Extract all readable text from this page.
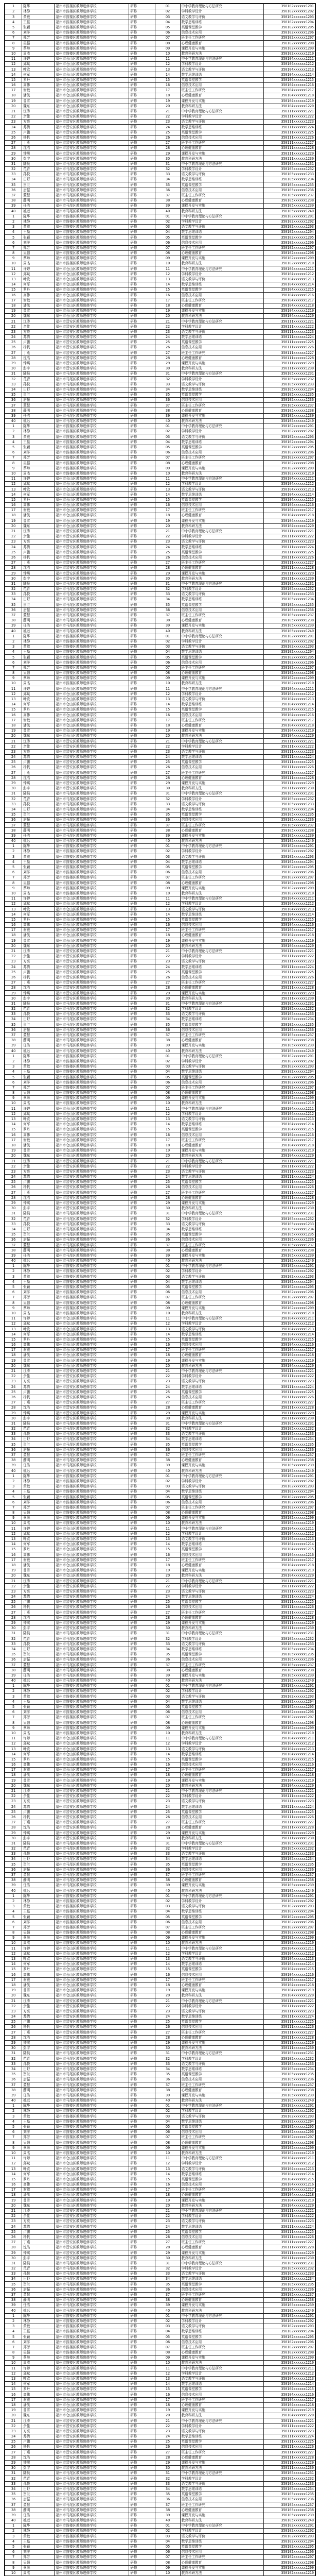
1	陈华	福州市鼓楼区教师进修学校	研修	01	中小学教育理论与方法研究	350102xxxxxx1201
2	林静	福州市鼓楼区教师进修学校	研修	02	学科教学设计	350102xxxxxx1202
3	黄敏	福州市鼓楼区教师进修学校	研修	03	语文教学与评价	350102xxxxxx1203
4	王磊	福州市鼓楼区教师进修学校	研修	04	数学思维训练	350102xxxxxx1204
5	张颖	福州市鼓楼区教师进修学校	研修	05	英语课堂教学	350102xxxxxx1205
6	刘洋	福州市鼓楼区教师进修学校	研修	06	信息技术应用	350102xxxxxx1206
7	郑芳	福州市鼓楼区教师进修学校	研修	07	班主任工作研究	350102xxxxxx1207
8	吴强	福州市鼓楼区教师进修学校	研修	08	心理健康教育	350102xxxxxx1208
9	蔡琳	福州市鼓楼区教师进修学校	研修	09	课程开发与实施	350102xxxxxx1209
10	周杰	福州市鼓楼区教师进修学校	研修	10	教育科研方法	350102xxxxxx1210
11	许婷	福州市仓山区教师进修学校	研修	11	中小学教育理论与方法研究	350104xxxxxx1211
12	邱斌	福州市仓山区教师进修学校	研修	12	学科教学设计	350104xxxxxx1212
13	叶欣	福州市仓山区教师进修学校	研修	13	语文教学与评价	350104xxxxxx1213
14	何军	福州市仓山区教师进修学校	研修	14	数学思维训练	350104xxxxxx1214
15	罗丹	福州市仓山区教师进修学校	研修	15	英语课堂教学	350104xxxxxx1215
16	高伟	福州市仓山区教师进修学校	研修	16	信息技术应用	350104xxxxxx1216
17	谢敏	福州市仓山区教师进修学校	研修	17	班主任工作研究	350104xxxxxx1217
18	潘凯	福州市仓山区教师进修学校	研修	18	心理健康教育	350104xxxxxx1218
19	曾雪	福州市仓山区教师进修学校	研修	19	课程开发与实施	350104xxxxxx1219
20	魏东	福州市仓山区教师进修学校	研修	20	教育科研方法	350104xxxxxx1220
21	江涛	福州市晋安区教师进修学校	研修	21	中小学教育理论与方法研究	350111xxxxxx1221
22	余佳	福州市晋安区教师进修学校	研修	22	学科教学设计	350111xxxxxx1222
23	方亮	福州市晋安区教师进修学校	研修	23	语文教学与评价	350111xxxxxx1223
24	苏倩	福州市晋安区教师进修学校	研修	24	数学思维训练	350111xxxxxx1224
25	卢鹏	福州市晋安区教师进修学校	研修	25	英语课堂教学	350111xxxxxx1225
26	杨帆	福州市晋安区教师进修学校	研修	26	信息技术应用	350111xxxxxx1226
27	丁燕	福州市晋安区教师进修学校	研修	27	班主任工作研究	350111xxxxxx1227
28	沈浩	福州市晋安区教师进修学校	研修	28	心理健康教育	350111xxxxxx1228
29	钟琪	福州市晋安区教师进修学校	研修	29	课程开发与实施	350111xxxxxx1229
30	彭宇	福州市晋安区教师进修学校	研修	30	教育科研方法	350111xxxxxx1230
31	陆晨	福州市马尾区教师进修学校	研修	31	中小学教育理论与方法研究	350105xxxxxx1231
32	范青	福州市马尾区教师进修学校	研修	32	学科教学设计	350105xxxxxx1232
33	孙悦	福州市马尾区教师进修学校	研修	33	语文教学与评价	350105xxxxxx1233
34	田野	福州市马尾区教师进修学校	研修	34	数学思维训练	350105xxxxxx1234
35	贺兰	福州市马尾区教师进修学校	研修	35	英语课堂教学	350105xxxxxx1235
36	唐振	福州市马尾区教师进修学校	研修	36	信息技术应用	350105xxxxxx1236
37	董慧	福州市马尾区教师进修学校	研修	37	班主任工作研究	350105xxxxxx1237
38	薛明	福州市马尾区教师进修学校	研修	38	心理健康教育	350105xxxxxx1238
39	任洁	福州市马尾区教师进修学校	研修	39	课程开发与实施	350105xxxxxx1239
40	姚远	福州市马尾区教师进修学校	研修	40	教育科研方法	350105xxxxxx1240
1	陈华	福州市鼓楼区教师进修学校	研修	01	中小学教育理论与方法研究	350102xxxxxx1201
2	林静	福州市鼓楼区教师进修学校	研修	02	学科教学设计	350102xxxxxx1202
3	黄敏	福州市鼓楼区教师进修学校	研修	03	语文教学与评价	350102xxxxxx1203
4	王磊	福州市鼓楼区教师进修学校	研修	04	数学思维训练	350102xxxxxx1204
5	张颖	福州市鼓楼区教师进修学校	研修	05	英语课堂教学	350102xxxxxx1205
6	刘洋	福州市鼓楼区教师进修学校	研修	06	信息技术应用	350102xxxxxx1206
7	郑芳	福州市鼓楼区教师进修学校	研修	07	班主任工作研究	350102xxxxxx1207
8	吴强	福州市鼓楼区教师进修学校	研修	08	心理健康教育	350102xxxxxx1208
9	蔡琳	福州市鼓楼区教师进修学校	研修	09	课程开发与实施	350102xxxxxx1209
10	周杰	福州市鼓楼区教师进修学校	研修	10	教育科研方法	350102xxxxxx1210
11	许婷	福州市仓山区教师进修学校	研修	11	中小学教育理论与方法研究	350104xxxxxx1211
12	邱斌	福州市仓山区教师进修学校	研修	12	学科教学设计	350104xxxxxx1212
13	叶欣	福州市仓山区教师进修学校	研修	13	语文教学与评价	350104xxxxxx1213
14	何军	福州市仓山区教师进修学校	研修	14	数学思维训练	350104xxxxxx1214
15	罗丹	福州市仓山区教师进修学校	研修	15	英语课堂教学	350104xxxxxx1215
16	高伟	福州市仓山区教师进修学校	研修	16	信息技术应用	350104xxxxxx1216
17	谢敏	福州市仓山区教师进修学校	研修	17	班主任工作研究	350104xxxxxx1217
18	潘凯	福州市仓山区教师进修学校	研修	18	心理健康教育	350104xxxxxx1218
19	曾雪	福州市仓山区教师进修学校	研修	19	课程开发与实施	350104xxxxxx1219
20	魏东	福州市仓山区教师进修学校	研修	20	教育科研方法	350104xxxxxx1220
21	江涛	福州市晋安区教师进修学校	研修	21	中小学教育理论与方法研究	350111xxxxxx1221
22	余佳	福州市晋安区教师进修学校	研修	22	学科教学设计	350111xxxxxx1222
23	方亮	福州市晋安区教师进修学校	研修	23	语文教学与评价	350111xxxxxx1223
24	苏倩	福州市晋安区教师进修学校	研修	24	数学思维训练	350111xxxxxx1224
25	卢鹏	福州市晋安区教师进修学校	研修	25	英语课堂教学	350111xxxxxx1225
26	杨帆	福州市晋安区教师进修学校	研修	26	信息技术应用	350111xxxxxx1226
27	丁燕	福州市晋安区教师进修学校	研修	27	班主任工作研究	350111xxxxxx1227
28	沈浩	福州市晋安区教师进修学校	研修	28	心理健康教育	350111xxxxxx1228
29	钟琪	福州市晋安区教师进修学校	研修	29	课程开发与实施	350111xxxxxx1229
30	彭宇	福州市晋安区教师进修学校	研修	30	教育科研方法	350111xxxxxx1230
31	陆晨	福州市马尾区教师进修学校	研修	31	中小学教育理论与方法研究	350105xxxxxx1231
32	范青	福州市马尾区教师进修学校	研修	32	学科教学设计	350105xxxxxx1232
33	孙悦	福州市马尾区教师进修学校	研修	33	语文教学与评价	350105xxxxxx1233
34	田野	福州市马尾区教师进修学校	研修	34	数学思维训练	350105xxxxxx1234
35	贺兰	福州市马尾区教师进修学校	研修	35	英语课堂教学	350105xxxxxx1235
36	唐振	福州市马尾区教师进修学校	研修	36	信息技术应用	350105xxxxxx1236
37	董慧	福州市马尾区教师进修学校	研修	37	班主任工作研究	350105xxxxxx1237
38	薛明	福州市马尾区教师进修学校	研修	38	心理健康教育	350105xxxxxx1238
39	任洁	福州市马尾区教师进修学校	研修	39	课程开发与实施	350105xxxxxx1239
40	姚远	福州市马尾区教师进修学校	研修	40	教育科研方法	350105xxxxxx1240
1	陈华	福州市鼓楼区教师进修学校	研修	01	中小学教育理论与方法研究	350102xxxxxx1201
2	林静	福州市鼓楼区教师进修学校	研修	02	学科教学设计	350102xxxxxx1202
3	黄敏	福州市鼓楼区教师进修学校	研修	03	语文教学与评价	350102xxxxxx1203
4	王磊	福州市鼓楼区教师进修学校	研修	04	数学思维训练	350102xxxxxx1204
5	张颖	福州市鼓楼区教师进修学校	研修	05	英语课堂教学	350102xxxxxx1205
6	刘洋	福州市鼓楼区教师进修学校	研修	06	信息技术应用	350102xxxxxx1206
7	郑芳	福州市鼓楼区教师进修学校	研修	07	班主任工作研究	350102xxxxxx1207
8	吴强	福州市鼓楼区教师进修学校	研修	08	心理健康教育	350102xxxxxx1208
9	蔡琳	福州市鼓楼区教师进修学校	研修	09	课程开发与实施	350102xxxxxx1209
10	周杰	福州市鼓楼区教师进修学校	研修	10	教育科研方法	350102xxxxxx1210
11	许婷	福州市仓山区教师进修学校	研修	11	中小学教育理论与方法研究	350104xxxxxx1211
12	邱斌	福州市仓山区教师进修学校	研修	12	学科教学设计	350104xxxxxx1212
13	叶欣	福州市仓山区教师进修学校	研修	13	语文教学与评价	350104xxxxxx1213
14	何军	福州市仓山区教师进修学校	研修	14	数学思维训练	350104xxxxxx1214
15	罗丹	福州市仓山区教师进修学校	研修	15	英语课堂教学	350104xxxxxx1215
16	高伟	福州市仓山区教师进修学校	研修	16	信息技术应用	350104xxxxxx1216
17	谢敏	福州市仓山区教师进修学校	研修	17	班主任工作研究	350104xxxxxx1217
18	潘凯	福州市仓山区教师进修学校	研修	18	心理健康教育	350104xxxxxx1218
19	曾雪	福州市仓山区教师进修学校	研修	19	课程开发与实施	350104xxxxxx1219
20	魏东	福州市仓山区教师进修学校	研修	20	教育科研方法	350104xxxxxx1220
21	江涛	福州市晋安区教师进修学校	研修	21	中小学教育理论与方法研究	350111xxxxxx1221
22	余佳	福州市晋安区教师进修学校	研修	22	学科教学设计	350111xxxxxx1222
23	方亮	福州市晋安区教师进修学校	研修	23	语文教学与评价	350111xxxxxx1223
24	苏倩	福州市晋安区教师进修学校	研修	24	数学思维训练	350111xxxxxx1224
25	卢鹏	福州市晋安区教师进修学校	研修	25	英语课堂教学	350111xxxxxx1225
26	杨帆	福州市晋安区教师进修学校	研修	26	信息技术应用	350111xxxxxx1226
27	丁燕	福州市晋安区教师进修学校	研修	27	班主任工作研究	350111xxxxxx1227
28	沈浩	福州市晋安区教师进修学校	研修	28	心理健康教育	350111xxxxxx1228
29	钟琪	福州市晋安区教师进修学校	研修	29	课程开发与实施	350111xxxxxx1229
30	彭宇	福州市晋安区教师进修学校	研修	30	教育科研方法	350111xxxxxx1230
31	陆晨	福州市马尾区教师进修学校	研修	31	中小学教育理论与方法研究	350105xxxxxx1231
32	范青	福州市马尾区教师进修学校	研修	32	学科教学设计	350105xxxxxx1232
33	孙悦	福州市马尾区教师进修学校	研修	33	语文教学与评价	350105xxxxxx1233
34	田野	福州市马尾区教师进修学校	研修	34	数学思维训练	350105xxxxxx1234
35	贺兰	福州市马尾区教师进修学校	研修	35	英语课堂教学	350105xxxxxx1235
36	唐振	福州市马尾区教师进修学校	研修	36	信息技术应用	350105xxxxxx1236
37	董慧	福州市马尾区教师进修学校	研修	37	班主任工作研究	350105xxxxxx1237
38	薛明	福州市马尾区教师进修学校	研修	38	心理健康教育	350105xxxxxx1238
39	任洁	福州市马尾区教师进修学校	研修	39	课程开发与实施	350105xxxxxx1239
40	姚远	福州市马尾区教师进修学校	研修	40	教育科研方法	350105xxxxxx1240
1	陈华	福州市鼓楼区教师进修学校	研修	01	中小学教育理论与方法研究	350102xxxxxx1201
2	林静	福州市鼓楼区教师进修学校	研修	02	学科教学设计	350102xxxxxx1202
3	黄敏	福州市鼓楼区教师进修学校	研修	03	语文教学与评价	350102xxxxxx1203
4	王磊	福州市鼓楼区教师进修学校	研修	04	数学思维训练	350102xxxxxx1204
5	张颖	福州市鼓楼区教师进修学校	研修	05	英语课堂教学	350102xxxxxx1205
6	刘洋	福州市鼓楼区教师进修学校	研修	06	信息技术应用	350102xxxxxx1206
7	郑芳	福州市鼓楼区教师进修学校	研修	07	班主任工作研究	350102xxxxxx1207
8	吴强	福州市鼓楼区教师进修学校	研修	08	心理健康教育	350102xxxxxx1208
9	蔡琳	福州市鼓楼区教师进修学校	研修	09	课程开发与实施	350102xxxxxx1209
10	周杰	福州市鼓楼区教师进修学校	研修	10	教育科研方法	350102xxxxxx1210
11	许婷	福州市仓山区教师进修学校	研修	11	中小学教育理论与方法研究	350104xxxxxx1211
12	邱斌	福州市仓山区教师进修学校	研修	12	学科教学设计	350104xxxxxx1212
13	叶欣	福州市仓山区教师进修学校	研修	13	语文教学与评价	350104xxxxxx1213
14	何军	福州市仓山区教师进修学校	研修	14	数学思维训练	350104xxxxxx1214
15	罗丹	福州市仓山区教师进修学校	研修	15	英语课堂教学	350104xxxxxx1215
16	高伟	福州市仓山区教师进修学校	研修	16	信息技术应用	350104xxxxxx1216
17	谢敏	福州市仓山区教师进修学校	研修	17	班主任工作研究	350104xxxxxx1217
18	潘凯	福州市仓山区教师进修学校	研修	18	心理健康教育	350104xxxxxx1218
19	曾雪	福州市仓山区教师进修学校	研修	19	课程开发与实施	350104xxxxxx1219
20	魏东	福州市仓山区教师进修学校	研修	20	教育科研方法	350104xxxxxx1220
21	江涛	福州市晋安区教师进修学校	研修	21	中小学教育理论与方法研究	350111xxxxxx1221
22	余佳	福州市晋安区教师进修学校	研修	22	学科教学设计	350111xxxxxx1222
23	方亮	福州市晋安区教师进修学校	研修	23	语文教学与评价	350111xxxxxx1223
24	苏倩	福州市晋安区教师进修学校	研修	24	数学思维训练	350111xxxxxx1224
25	卢鹏	福州市晋安区教师进修学校	研修	25	英语课堂教学	350111xxxxxx1225
26	杨帆	福州市晋安区教师进修学校	研修	26	信息技术应用	350111xxxxxx1226
27	丁燕	福州市晋安区教师进修学校	研修	27	班主任工作研究	350111xxxxxx1227
28	沈浩	福州市晋安区教师进修学校	研修	28	心理健康教育	350111xxxxxx1228
29	钟琪	福州市晋安区教师进修学校	研修	29	课程开发与实施	350111xxxxxx1229
30	彭宇	福州市晋安区教师进修学校	研修	30	教育科研方法	350111xxxxxx1230
31	陆晨	福州市马尾区教师进修学校	研修	31	中小学教育理论与方法研究	350105xxxxxx1231
32	范青	福州市马尾区教师进修学校	研修	32	学科教学设计	350105xxxxxx1232
33	孙悦	福州市马尾区教师进修学校	研修	33	语文教学与评价	350105xxxxxx1233
34	田野	福州市马尾区教师进修学校	研修	34	数学思维训练	350105xxxxxx1234
35	贺兰	福州市马尾区教师进修学校	研修	35	英语课堂教学	350105xxxxxx1235
36	唐振	福州市马尾区教师进修学校	研修	36	信息技术应用	350105xxxxxx1236
37	董慧	福州市马尾区教师进修学校	研修	37	班主任工作研究	350105xxxxxx1237
38	薛明	福州市马尾区教师进修学校	研修	38	心理健康教育	350105xxxxxx1238
39	任洁	福州市马尾区教师进修学校	研修	39	课程开发与实施	350105xxxxxx1239
40	姚远	福州市马尾区教师进修学校	研修	40	教育科研方法	350105xxxxxx1240
1	陈华	福州市鼓楼区教师进修学校	研修	01	中小学教育理论与方法研究	350102xxxxxx1201
2	林静	福州市鼓楼区教师进修学校	研修	02	学科教学设计	350102xxxxxx1202
3	黄敏	福州市鼓楼区教师进修学校	研修	03	语文教学与评价	350102xxxxxx1203
4	王磊	福州市鼓楼区教师进修学校	研修	04	数学思维训练	350102xxxxxx1204
5	张颖	福州市鼓楼区教师进修学校	研修	05	英语课堂教学	350102xxxxxx1205
6	刘洋	福州市鼓楼区教师进修学校	研修	06	信息技术应用	350102xxxxxx1206
7	郑芳	福州市鼓楼区教师进修学校	研修	07	班主任工作研究	350102xxxxxx1207
8	吴强	福州市鼓楼区教师进修学校	研修	08	心理健康教育	350102xxxxxx1208
9	蔡琳	福州市鼓楼区教师进修学校	研修	09	课程开发与实施	350102xxxxxx1209
10	周杰	福州市鼓楼区教师进修学校	研修	10	教育科研方法	350102xxxxxx1210
11	许婷	福州市仓山区教师进修学校	研修	11	中小学教育理论与方法研究	350104xxxxxx1211
12	邱斌	福州市仓山区教师进修学校	研修	12	学科教学设计	350104xxxxxx1212
13	叶欣	福州市仓山区教师进修学校	研修	13	语文教学与评价	350104xxxxxx1213
14	何军	福州市仓山区教师进修学校	研修	14	数学思维训练	350104xxxxxx1214
15	罗丹	福州市仓山区教师进修学校	研修	15	英语课堂教学	350104xxxxxx1215
16	高伟	福州市仓山区教师进修学校	研修	16	信息技术应用	350104xxxxxx1216
17	谢敏	福州市仓山区教师进修学校	研修	17	班主任工作研究	350104xxxxxx1217
18	潘凯	福州市仓山区教师进修学校	研修	18	心理健康教育	350104xxxxxx1218
19	曾雪	福州市仓山区教师进修学校	研修	19	课程开发与实施	350104xxxxxx1219
20	魏东	福州市仓山区教师进修学校	研修	20	教育科研方法	350104xxxxxx1220
21	江涛	福州市晋安区教师进修学校	研修	21	中小学教育理论与方法研究	350111xxxxxx1221
22	余佳	福州市晋安区教师进修学校	研修	22	学科教学设计	350111xxxxxx1222
23	方亮	福州市晋安区教师进修学校	研修	23	语文教学与评价	350111xxxxxx1223
24	苏倩	福州市晋安区教师进修学校	研修	24	数学思维训练	350111xxxxxx1224
25	卢鹏	福州市晋安区教师进修学校	研修	25	英语课堂教学	350111xxxxxx1225
26	杨帆	福州市晋安区教师进修学校	研修	26	信息技术应用	350111xxxxxx1226
27	丁燕	福州市晋安区教师进修学校	研修	27	班主任工作研究	350111xxxxxx1227
28	沈浩	福州市晋安区教师进修学校	研修	28	心理健康教育	350111xxxxxx1228
29	钟琪	福州市晋安区教师进修学校	研修	29	课程开发与实施	350111xxxxxx1229
30	彭宇	福州市晋安区教师进修学校	研修	30	教育科研方法	350111xxxxxx1230
31	陆晨	福州市马尾区教师进修学校	研修	31	中小学教育理论与方法研究	350105xxxxxx1231
32	范青	福州市马尾区教师进修学校	研修	32	学科教学设计	350105xxxxxx1232
33	孙悦	福州市马尾区教师进修学校	研修	33	语文教学与评价	350105xxxxxx1233
34	田野	福州市马尾区教师进修学校	研修	34	数学思维训练	350105xxxxxx1234
35	贺兰	福州市马尾区教师进修学校	研修	35	英语课堂教学	350105xxxxxx1235
36	唐振	福州市马尾区教师进修学校	研修	36	信息技术应用	350105xxxxxx1236
37	董慧	福州市马尾区教师进修学校	研修	37	班主任工作研究	350105xxxxxx1237
38	薛明	福州市马尾区教师进修学校	研修	38	心理健康教育	350105xxxxxx1238
39	任洁	福州市马尾区教师进修学校	研修	39	课程开发与实施	350105xxxxxx1239
40	姚远	福州市马尾区教师进修学校	研修	40	教育科研方法	350105xxxxxx1240
1	陈华	福州市鼓楼区教师进修学校	研修	01	中小学教育理论与方法研究	350102xxxxxx1201
2	林静	福州市鼓楼区教师进修学校	研修	02	学科教学设计	350102xxxxxx1202
3	黄敏	福州市鼓楼区教师进修学校	研修	03	语文教学与评价	350102xxxxxx1203
4	王磊	福州市鼓楼区教师进修学校	研修	04	数学思维训练	350102xxxxxx1204
5	张颖	福州市鼓楼区教师进修学校	研修	05	英语课堂教学	350102xxxxxx1205
6	刘洋	福州市鼓楼区教师进修学校	研修	06	信息技术应用	350102xxxxxx1206
7	郑芳	福州市鼓楼区教师进修学校	研修	07	班主任工作研究	350102xxxxxx1207
8	吴强	福州市鼓楼区教师进修学校	研修	08	心理健康教育	350102xxxxxx1208
9	蔡琳	福州市鼓楼区教师进修学校	研修	09	课程开发与实施	350102xxxxxx1209
10	周杰	福州市鼓楼区教师进修学校	研修	10	教育科研方法	350102xxxxxx1210
11	许婷	福州市仓山区教师进修学校	研修	11	中小学教育理论与方法研究	350104xxxxxx1211
12	邱斌	福州市仓山区教师进修学校	研修	12	学科教学设计	350104xxxxxx1212
13	叶欣	福州市仓山区教师进修学校	研修	13	语文教学与评价	350104xxxxxx1213
14	何军	福州市仓山区教师进修学校	研修	14	数学思维训练	350104xxxxxx1214
15	罗丹	福州市仓山区教师进修学校	研修	15	英语课堂教学	350104xxxxxx1215
16	高伟	福州市仓山区教师进修学校	研修	16	信息技术应用	350104xxxxxx1216
17	谢敏	福州市仓山区教师进修学校	研修	17	班主任工作研究	350104xxxxxx1217
18	潘凯	福州市仓山区教师进修学校	研修	18	心理健康教育	350104xxxxxx1218
19	曾雪	福州市仓山区教师进修学校	研修	19	课程开发与实施	350104xxxxxx1219
20	魏东	福州市仓山区教师进修学校	研修	20	教育科研方法	350104xxxxxx1220
21	江涛	福州市晋安区教师进修学校	研修	21	中小学教育理论与方法研究	350111xxxxxx1221
22	余佳	福州市晋安区教师进修学校	研修	22	学科教学设计	350111xxxxxx1222
23	方亮	福州市晋安区教师进修学校	研修	23	语文教学与评价	350111xxxxxx1223
24	苏倩	福州市晋安区教师进修学校	研修	24	数学思维训练	350111xxxxxx1224
25	卢鹏	福州市晋安区教师进修学校	研修	25	英语课堂教学	350111xxxxxx1225
26	杨帆	福州市晋安区教师进修学校	研修	26	信息技术应用	350111xxxxxx1226
27	丁燕	福州市晋安区教师进修学校	研修	27	班主任工作研究	350111xxxxxx1227
28	沈浩	福州市晋安区教师进修学校	研修	28	心理健康教育	350111xxxxxx1228
29	钟琪	福州市晋安区教师进修学校	研修	29	课程开发与实施	350111xxxxxx1229
30	彭宇	福州市晋安区教师进修学校	研修	30	教育科研方法	350111xxxxxx1230
31	陆晨	福州市马尾区教师进修学校	研修	31	中小学教育理论与方法研究	350105xxxxxx1231
32	范青	福州市马尾区教师进修学校	研修	32	学科教学设计	350105xxxxxx1232
33	孙悦	福州市马尾区教师进修学校	研修	33	语文教学与评价	350105xxxxxx1233
34	田野	福州市马尾区教师进修学校	研修	34	数学思维训练	350105xxxxxx1234
35	贺兰	福州市马尾区教师进修学校	研修	35	英语课堂教学	350105xxxxxx1235
36	唐振	福州市马尾区教师进修学校	研修	36	信息技术应用	350105xxxxxx1236
37	董慧	福州市马尾区教师进修学校	研修	37	班主任工作研究	350105xxxxxx1237
38	薛明	福州市马尾区教师进修学校	研修	38	心理健康教育	350105xxxxxx1238
39	任洁	福州市马尾区教师进修学校	研修	39	课程开发与实施	350105xxxxxx1239
40	姚远	福州市马尾区教师进修学校	研修	40	教育科研方法	350105xxxxxx1240
1	陈华	福州市鼓楼区教师进修学校	研修	01	中小学教育理论与方法研究	350102xxxxxx1201
2	林静	福州市鼓楼区教师进修学校	研修	02	学科教学设计	350102xxxxxx1202
3	黄敏	福州市鼓楼区教师进修学校	研修	03	语文教学与评价	350102xxxxxx1203
4	王磊	福州市鼓楼区教师进修学校	研修	04	数学思维训练	350102xxxxxx1204
5	张颖	福州市鼓楼区教师进修学校	研修	05	英语课堂教学	350102xxxxxx1205
6	刘洋	福州市鼓楼区教师进修学校	研修	06	信息技术应用	350102xxxxxx1206
7	郑芳	福州市鼓楼区教师进修学校	研修	07	班主任工作研究	350102xxxxxx1207
8	吴强	福州市鼓楼区教师进修学校	研修	08	心理健康教育	350102xxxxxx1208
9	蔡琳	福州市鼓楼区教师进修学校	研修	09	课程开发与实施	350102xxxxxx1209
10	周杰	福州市鼓楼区教师进修学校	研修	10	教育科研方法	350102xxxxxx1210
11	许婷	福州市仓山区教师进修学校	研修	11	中小学教育理论与方法研究	350104xxxxxx1211
12	邱斌	福州市仓山区教师进修学校	研修	12	学科教学设计	350104xxxxxx1212
13	叶欣	福州市仓山区教师进修学校	研修	13	语文教学与评价	350104xxxxxx1213
14	何军	福州市仓山区教师进修学校	研修	14	数学思维训练	350104xxxxxx1214
15	罗丹	福州市仓山区教师进修学校	研修	15	英语课堂教学	350104xxxxxx1215
16	高伟	福州市仓山区教师进修学校	研修	16	信息技术应用	350104xxxxxx1216
17	谢敏	福州市仓山区教师进修学校	研修	17	班主任工作研究	350104xxxxxx1217
18	潘凯	福州市仓山区教师进修学校	研修	18	心理健康教育	350104xxxxxx1218
19	曾雪	福州市仓山区教师进修学校	研修	19	课程开发与实施	350104xxxxxx1219
20	魏东	福州市仓山区教师进修学校	研修	20	教育科研方法	350104xxxxxx1220
21	江涛	福州市晋安区教师进修学校	研修	21	中小学教育理论与方法研究	350111xxxxxx1221
22	余佳	福州市晋安区教师进修学校	研修	22	学科教学设计	350111xxxxxx1222
23	方亮	福州市晋安区教师进修学校	研修	23	语文教学与评价	350111xxxxxx1223
24	苏倩	福州市晋安区教师进修学校	研修	24	数学思维训练	350111xxxxxx1224
25	卢鹏	福州市晋安区教师进修学校	研修	25	英语课堂教学	350111xxxxxx1225
26	杨帆	福州市晋安区教师进修学校	研修	26	信息技术应用	350111xxxxxx1226
27	丁燕	福州市晋安区教师进修学校	研修	27	班主任工作研究	350111xxxxxx1227
28	沈浩	福州市晋安区教师进修学校	研修	28	心理健康教育	350111xxxxxx1228
29	钟琪	福州市晋安区教师进修学校	研修	29	课程开发与实施	350111xxxxxx1229
30	彭宇	福州市晋安区教师进修学校	研修	30	教育科研方法	350111xxxxxx1230
31	陆晨	福州市马尾区教师进修学校	研修	31	中小学教育理论与方法研究	350105xxxxxx1231
32	范青	福州市马尾区教师进修学校	研修	32	学科教学设计	350105xxxxxx1232
33	孙悦	福州市马尾区教师进修学校	研修	33	语文教学与评价	350105xxxxxx1233
34	田野	福州市马尾区教师进修学校	研修	34	数学思维训练	350105xxxxxx1234
35	贺兰	福州市马尾区教师进修学校	研修	35	英语课堂教学	350105xxxxxx1235
36	唐振	福州市马尾区教师进修学校	研修	36	信息技术应用	350105xxxxxx1236
37	董慧	福州市马尾区教师进修学校	研修	37	班主任工作研究	350105xxxxxx1237
38	薛明	福州市马尾区教师进修学校	研修	38	心理健康教育	350105xxxxxx1238
39	任洁	福州市马尾区教师进修学校	研修	39	课程开发与实施	350105xxxxxx1239
40	姚远	福州市马尾区教师进修学校	研修	40	教育科研方法	350105xxxxxx1240
1	陈华	福州市鼓楼区教师进修学校	研修	01	中小学教育理论与方法研究	350102xxxxxx1201
2	林静	福州市鼓楼区教师进修学校	研修	02	学科教学设计	350102xxxxxx1202
3	黄敏	福州市鼓楼区教师进修学校	研修	03	语文教学与评价	350102xxxxxx1203
4	王磊	福州市鼓楼区教师进修学校	研修	04	数学思维训练	350102xxxxxx1204
5	张颖	福州市鼓楼区教师进修学校	研修	05	英语课堂教学	350102xxxxxx1205
6	刘洋	福州市鼓楼区教师进修学校	研修	06	信息技术应用	350102xxxxxx1206
7	郑芳	福州市鼓楼区教师进修学校	研修	07	班主任工作研究	350102xxxxxx1207
8	吴强	福州市鼓楼区教师进修学校	研修	08	心理健康教育	350102xxxxxx1208
9	蔡琳	福州市鼓楼区教师进修学校	研修	09	课程开发与实施	350102xxxxxx1209
10	周杰	福州市鼓楼区教师进修学校	研修	10	教育科研方法	350102xxxxxx1210
11	许婷	福州市仓山区教师进修学校	研修	11	中小学教育理论与方法研究	350104xxxxxx1211
12	邱斌	福州市仓山区教师进修学校	研修	12	学科教学设计	350104xxxxxx1212
13	叶欣	福州市仓山区教师进修学校	研修	13	语文教学与评价	350104xxxxxx1213
14	何军	福州市仓山区教师进修学校	研修	14	数学思维训练	350104xxxxxx1214
15	罗丹	福州市仓山区教师进修学校	研修	15	英语课堂教学	350104xxxxxx1215
16	高伟	福州市仓山区教师进修学校	研修	16	信息技术应用	350104xxxxxx1216
17	谢敏	福州市仓山区教师进修学校	研修	17	班主任工作研究	350104xxxxxx1217
18	潘凯	福州市仓山区教师进修学校	研修	18	心理健康教育	350104xxxxxx1218
19	曾雪	福州市仓山区教师进修学校	研修	19	课程开发与实施	350104xxxxxx1219
20	魏东	福州市仓山区教师进修学校	研修	20	教育科研方法	350104xxxxxx1220
21	江涛	福州市晋安区教师进修学校	研修	21	中小学教育理论与方法研究	350111xxxxxx1221
22	余佳	福州市晋安区教师进修学校	研修	22	学科教学设计	350111xxxxxx1222
23	方亮	福州市晋安区教师进修学校	研修	23	语文教学与评价	350111xxxxxx1223
24	苏倩	福州市晋安区教师进修学校	研修	24	数学思维训练	350111xxxxxx1224
25	卢鹏	福州市晋安区教师进修学校	研修	25	英语课堂教学	350111xxxxxx1225
26	杨帆	福州市晋安区教师进修学校	研修	26	信息技术应用	350111xxxxxx1226
27	丁燕	福州市晋安区教师进修学校	研修	27	班主任工作研究	350111xxxxxx1227
28	沈浩	福州市晋安区教师进修学校	研修	28	心理健康教育	350111xxxxxx1228
29	钟琪	福州市晋安区教师进修学校	研修	29	课程开发与实施	350111xxxxxx1229
30	彭宇	福州市晋安区教师进修学校	研修	30	教育科研方法	350111xxxxxx1230
31	陆晨	福州市马尾区教师进修学校	研修	31	中小学教育理论与方法研究	350105xxxxxx1231
32	范青	福州市马尾区教师进修学校	研修	32	学科教学设计	350105xxxxxx1232
33	孙悦	福州市马尾区教师进修学校	研修	33	语文教学与评价	350105xxxxxx1233
34	田野	福州市马尾区教师进修学校	研修	34	数学思维训练	350105xxxxxx1234
35	贺兰	福州市马尾区教师进修学校	研修	35	英语课堂教学	350105xxxxxx1235
36	唐振	福州市马尾区教师进修学校	研修	36	信息技术应用	350105xxxxxx1236
37	董慧	福州市马尾区教师进修学校	研修	37	班主任工作研究	350105xxxxxx1237
38	薛明	福州市马尾区教师进修学校	研修	38	心理健康教育	350105xxxxxx1238
39	任洁	福州市马尾区教师进修学校	研修	39	课程开发与实施	350105xxxxxx1239
40	姚远	福州市马尾区教师进修学校	研修	40	教育科研方法	350105xxxxxx1240
1	陈华	福州市鼓楼区教师进修学校	研修	01	中小学教育理论与方法研究	350102xxxxxx1201
2	林静	福州市鼓楼区教师进修学校	研修	02	学科教学设计	350102xxxxxx1202
3	黄敏	福州市鼓楼区教师进修学校	研修	03	语文教学与评价	350102xxxxxx1203
4	王磊	福州市鼓楼区教师进修学校	研修	04	数学思维训练	350102xxxxxx1204
5	张颖	福州市鼓楼区教师进修学校	研修	05	英语课堂教学	350102xxxxxx1205
6	刘洋	福州市鼓楼区教师进修学校	研修	06	信息技术应用	350102xxxxxx1206
7	郑芳	福州市鼓楼区教师进修学校	研修	07	班主任工作研究	350102xxxxxx1207
8	吴强	福州市鼓楼区教师进修学校	研修	08	心理健康教育	350102xxxxxx1208
9	蔡琳	福州市鼓楼区教师进修学校	研修	09	课程开发与实施	350102xxxxxx1209
10	周杰	福州市鼓楼区教师进修学校	研修	10	教育科研方法	350102xxxxxx1210
11	许婷	福州市仓山区教师进修学校	研修	11	中小学教育理论与方法研究	350104xxxxxx1211
12	邱斌	福州市仓山区教师进修学校	研修	12	学科教学设计	350104xxxxxx1212
13	叶欣	福州市仓山区教师进修学校	研修	13	语文教学与评价	350104xxxxxx1213
14	何军	福州市仓山区教师进修学校	研修	14	数学思维训练	350104xxxxxx1214
15	罗丹	福州市仓山区教师进修学校	研修	15	英语课堂教学	350104xxxxxx1215
16	高伟	福州市仓山区教师进修学校	研修	16	信息技术应用	350104xxxxxx1216
17	谢敏	福州市仓山区教师进修学校	研修	17	班主任工作研究	350104xxxxxx1217
18	潘凯	福州市仓山区教师进修学校	研修	18	心理健康教育	350104xxxxxx1218
19	曾雪	福州市仓山区教师进修学校	研修	19	课程开发与实施	350104xxxxxx1219
20	魏东	福州市仓山区教师进修学校	研修	20	教育科研方法	350104xxxxxx1220
21	江涛	福州市晋安区教师进修学校	研修	21	中小学教育理论与方法研究	350111xxxxxx1221
22	余佳	福州市晋安区教师进修学校	研修	22	学科教学设计	350111xxxxxx1222
23	方亮	福州市晋安区教师进修学校	研修	23	语文教学与评价	350111xxxxxx1223
24	苏倩	福州市晋安区教师进修学校	研修	24	数学思维训练	350111xxxxxx1224
25	卢鹏	福州市晋安区教师进修学校	研修	25	英语课堂教学	350111xxxxxx1225
26	杨帆	福州市晋安区教师进修学校	研修	26	信息技术应用	350111xxxxxx1226
27	丁燕	福州市晋安区教师进修学校	研修	27	班主任工作研究	350111xxxxxx1227
28	沈浩	福州市晋安区教师进修学校	研修	28	心理健康教育	350111xxxxxx1228
29	钟琪	福州市晋安区教师进修学校	研修	29	课程开发与实施	350111xxxxxx1229
30	彭宇	福州市晋安区教师进修学校	研修	30	教育科研方法	350111xxxxxx1230
31	陆晨	福州市马尾区教师进修学校	研修	31	中小学教育理论与方法研究	350105xxxxxx1231
32	范青	福州市马尾区教师进修学校	研修	32	学科教学设计	350105xxxxxx1232
33	孙悦	福州市马尾区教师进修学校	研修	33	语文教学与评价	350105xxxxxx1233
34	田野	福州市马尾区教师进修学校	研修	34	数学思维训练	350105xxxxxx1234
35	贺兰	福州市马尾区教师进修学校	研修	35	英语课堂教学	350105xxxxxx1235
36	唐振	福州市马尾区教师进修学校	研修	36	信息技术应用	350105xxxxxx1236
37	董慧	福州市马尾区教师进修学校	研修	37	班主任工作研究	350105xxxxxx1237
38	薛明	福州市马尾区教师进修学校	研修	38	心理健康教育	350105xxxxxx1238
39	任洁	福州市马尾区教师进修学校	研修	39	课程开发与实施	350105xxxxxx1239
40	姚远	福州市马尾区教师进修学校	研修	40	教育科研方法	350105xxxxxx1240
1	陈华	福州市鼓楼区教师进修学校	研修	01	中小学教育理论与方法研究	350102xxxxxx1201
2	林静	福州市鼓楼区教师进修学校	研修	02	学科教学设计	350102xxxxxx1202
3	黄敏	福州市鼓楼区教师进修学校	研修	03	语文教学与评价	350102xxxxxx1203
4	王磊	福州市鼓楼区教师进修学校	研修	04	数学思维训练	350102xxxxxx1204
5	张颖	福州市鼓楼区教师进修学校	研修	05	英语课堂教学	350102xxxxxx1205
6	刘洋	福州市鼓楼区教师进修学校	研修	06	信息技术应用	350102xxxxxx1206
7	郑芳	福州市鼓楼区教师进修学校	研修	07	班主任工作研究	350102xxxxxx1207
8	吴强	福州市鼓楼区教师进修学校	研修	08	心理健康教育	350102xxxxxx1208
9	蔡琳	福州市鼓楼区教师进修学校	研修	09	课程开发与实施	350102xxxxxx1209
10	周杰	福州市鼓楼区教师进修学校	研修	10	教育科研方法	350102xxxxxx1210
11	许婷	福州市仓山区教师进修学校	研修	11	中小学教育理论与方法研究	350104xxxxxx1211
12	邱斌	福州市仓山区教师进修学校	研修	12	学科教学设计	350104xxxxxx1212
13	叶欣	福州市仓山区教师进修学校	研修	13	语文教学与评价	350104xxxxxx1213
14	何军	福州市仓山区教师进修学校	研修	14	数学思维训练	350104xxxxxx1214
15	罗丹	福州市仓山区教师进修学校	研修	15	英语课堂教学	350104xxxxxx1215
16	高伟	福州市仓山区教师进修学校	研修	16	信息技术应用	350104xxxxxx1216
17	谢敏	福州市仓山区教师进修学校	研修	17	班主任工作研究	350104xxxxxx1217
18	潘凯	福州市仓山区教师进修学校	研修	18	心理健康教育	350104xxxxxx1218
19	曾雪	福州市仓山区教师进修学校	研修	19	课程开发与实施	350104xxxxxx1219
20	魏东	福州市仓山区教师进修学校	研修	20	教育科研方法	350104xxxxxx1220
21	江涛	福州市晋安区教师进修学校	研修	21	中小学教育理论与方法研究	350111xxxxxx1221
22	余佳	福州市晋安区教师进修学校	研修	22	学科教学设计	350111xxxxxx1222
23	方亮	福州市晋安区教师进修学校	研修	23	语文教学与评价	350111xxxxxx1223
24	苏倩	福州市晋安区教师进修学校	研修	24	数学思维训练	350111xxxxxx1224
25	卢鹏	福州市晋安区教师进修学校	研修	25	英语课堂教学	350111xxxxxx1225
26	杨帆	福州市晋安区教师进修学校	研修	26	信息技术应用	350111xxxxxx1226
27	丁燕	福州市晋安区教师进修学校	研修	27	班主任工作研究	350111xxxxxx1227
28	沈浩	福州市晋安区教师进修学校	研修	28	心理健康教育	350111xxxxxx1228
29	钟琪	福州市晋安区教师进修学校	研修	29	课程开发与实施	350111xxxxxx1229
30	彭宇	福州市晋安区教师进修学校	研修	30	教育科研方法	350111xxxxxx1230
31	陆晨	福州市马尾区教师进修学校	研修	31	中小学教育理论与方法研究	350105xxxxxx1231
32	范青	福州市马尾区教师进修学校	研修	32	学科教学设计	350105xxxxxx1232
33	孙悦	福州市马尾区教师进修学校	研修	33	语文教学与评价	350105xxxxxx1233
34	田野	福州市马尾区教师进修学校	研修	34	数学思维训练	350105xxxxxx1234
35	贺兰	福州市马尾区教师进修学校	研修	35	英语课堂教学	350105xxxxxx1235
36	唐振	福州市马尾区教师进修学校	研修	36	信息技术应用	350105xxxxxx1236
37	董慧	福州市马尾区教师进修学校	研修	37	班主任工作研究	350105xxxxxx1237
38	薛明	福州市马尾区教师进修学校	研修	38	心理健康教育	350105xxxxxx1238
39	任洁	福州市马尾区教师进修学校	研修	39	课程开发与实施	350105xxxxxx1239
40	姚远	福州市马尾区教师进修学校	研修	40	教育科研方法	350105xxxxxx1240
1	陈华	福州市鼓楼区教师进修学校	研修	01	中小学教育理论与方法研究	350102xxxxxx1201
2	林静	福州市鼓楼区教师进修学校	研修	02	学科教学设计	350102xxxxxx1202
3	黄敏	福州市鼓楼区教师进修学校	研修	03	语文教学与评价	350102xxxxxx1203
4	王磊	福州市鼓楼区教师进修学校	研修	04	数学思维训练	350102xxxxxx1204
5	张颖	福州市鼓楼区教师进修学校	研修	05	英语课堂教学	350102xxxxxx1205
6	刘洋	福州市鼓楼区教师进修学校	研修	06	信息技术应用	350102xxxxxx1206
7	郑芳	福州市鼓楼区教师进修学校	研修	07	班主任工作研究	350102xxxxxx1207
8	吴强	福州市鼓楼区教师进修学校	研修	08	心理健康教育	350102xxxxxx1208
9	蔡琳	福州市鼓楼区教师进修学校	研修	09	课程开发与实施	350102xxxxxx1209
10	周杰	福州市鼓楼区教师进修学校	研修	10	教育科研方法	350102xxxxxx1210
11	许婷	福州市仓山区教师进修学校	研修	11	中小学教育理论与方法研究	350104xxxxxx1211
12	邱斌	福州市仓山区教师进修学校	研修	12	学科教学设计	350104xxxxxx1212
13	叶欣	福州市仓山区教师进修学校	研修	13	语文教学与评价	350104xxxxxx1213
14	何军	福州市仓山区教师进修学校	研修	14	数学思维训练	350104xxxxxx1214
15	罗丹	福州市仓山区教师进修学校	研修	15	英语课堂教学	350104xxxxxx1215
16	高伟	福州市仓山区教师进修学校	研修	16	信息技术应用	350104xxxxxx1216
17	谢敏	福州市仓山区教师进修学校	研修	17	班主任工作研究	350104xxxxxx1217
18	潘凯	福州市仓山区教师进修学校	研修	18	心理健康教育	350104xxxxxx1218
19	曾雪	福州市仓山区教师进修学校	研修	19	课程开发与实施	350104xxxxxx1219
20	魏东	福州市仓山区教师进修学校	研修	20	教育科研方法	350104xxxxxx1220
21	江涛	福州市晋安区教师进修学校	研修	21	中小学教育理论与方法研究	350111xxxxxx1221
22	余佳	福州市晋安区教师进修学校	研修	22	学科教学设计	350111xxxxxx1222
23	方亮	福州市晋安区教师进修学校	研修	23	语文教学与评价	350111xxxxxx1223
24	苏倩	福州市晋安区教师进修学校	研修	24	数学思维训练	350111xxxxxx1224
25	卢鹏	福州市晋安区教师进修学校	研修	25	英语课堂教学	350111xxxxxx1225
26	杨帆	福州市晋安区教师进修学校	研修	26	信息技术应用	350111xxxxxx1226
27	丁燕	福州市晋安区教师进修学校	研修	27	班主任工作研究	350111xxxxxx1227
28	沈浩	福州市晋安区教师进修学校	研修	28	心理健康教育	350111xxxxxx1228
29	钟琪	福州市晋安区教师进修学校	研修	29	课程开发与实施	350111xxxxxx1229
30	彭宇	福州市晋安区教师进修学校	研修	30	教育科研方法	350111xxxxxx1230
31	陆晨	福州市马尾区教师进修学校	研修	31	中小学教育理论与方法研究	350105xxxxxx1231
32	范青	福州市马尾区教师进修学校	研修	32	学科教学设计	350105xxxxxx1232
33	孙悦	福州市马尾区教师进修学校	研修	33	语文教学与评价	350105xxxxxx1233
34	田野	福州市马尾区教师进修学校	研修	34	数学思维训练	350105xxxxxx1234
35	贺兰	福州市马尾区教师进修学校	研修	35	英语课堂教学	350105xxxxxx1235
36	唐振	福州市马尾区教师进修学校	研修	36	信息技术应用	350105xxxxxx1236
37	董慧	福州市马尾区教师进修学校	研修	37	班主任工作研究	350105xxxxxx1237
38	薛明	福州市马尾区教师进修学校	研修	38	心理健康教育	350105xxxxxx1238
39	任洁	福州市马尾区教师进修学校	研修	39	课程开发与实施	350105xxxxxx1239
40	姚远	福州市马尾区教师进修学校	研修	40	教育科研方法	350105xxxxxx1240
1	陈华	福州市鼓楼区教师进修学校	研修	01	中小学教育理论与方法研究	350102xxxxxx1201
2	林静	福州市鼓楼区教师进修学校	研修	02	学科教学设计	350102xxxxxx1202
3	黄敏	福州市鼓楼区教师进修学校	研修	03	语文教学与评价	350102xxxxxx1203
4	王磊	福州市鼓楼区教师进修学校	研修	04	数学思维训练	350102xxxxxx1204
5	张颖	福州市鼓楼区教师进修学校	研修	05	英语课堂教学	350102xxxxxx1205
6	刘洋	福州市鼓楼区教师进修学校	研修	06	信息技术应用	350102xxxxxx1206
7	郑芳	福州市鼓楼区教师进修学校	研修	07	班主任工作研究	350102xxxxxx1207
8	吴强	福州市鼓楼区教师进修学校	研修	08	心理健康教育	350102xxxxxx1208
9	蔡琳	福州市鼓楼区教师进修学校	研修	09	课程开发与实施	350102xxxxxx1209
10	周杰	福州市鼓楼区教师进修学校	研修	10	教育科研方法	350102xxxxxx1210
11	许婷	福州市仓山区教师进修学校	研修	11	中小学教育理论与方法研究	350104xxxxxx1211
12	邱斌	福州市仓山区教师进修学校	研修	12	学科教学设计	350104xxxxxx1212
13	叶欣	福州市仓山区教师进修学校	研修	13	语文教学与评价	350104xxxxxx1213
14	何军	福州市仓山区教师进修学校	研修	14	数学思维训练	350104xxxxxx1214
15	罗丹	福州市仓山区教师进修学校	研修	15	英语课堂教学	350104xxxxxx1215
16	高伟	福州市仓山区教师进修学校	研修	16	信息技术应用	350104xxxxxx1216
17	谢敏	福州市仓山区教师进修学校	研修	17	班主任工作研究	350104xxxxxx1217
18	潘凯	福州市仓山区教师进修学校	研修	18	心理健康教育	350104xxxxxx1218
19	曾雪	福州市仓山区教师进修学校	研修	19	课程开发与实施	350104xxxxxx1219
20	魏东	福州市仓山区教师进修学校	研修	20	教育科研方法	350104xxxxxx1220
21	江涛	福州市晋安区教师进修学校	研修	21	中小学教育理论与方法研究	350111xxxxxx1221
22	余佳	福州市晋安区教师进修学校	研修	22	学科教学设计	350111xxxxxx1222
23	方亮	福州市晋安区教师进修学校	研修	23	语文教学与评价	350111xxxxxx1223
24	苏倩	福州市晋安区教师进修学校	研修	24	数学思维训练	350111xxxxxx1224
25	卢鹏	福州市晋安区教师进修学校	研修	25	英语课堂教学	350111xxxxxx1225
26	杨帆	福州市晋安区教师进修学校	研修	26	信息技术应用	350111xxxxxx1226
27	丁燕	福州市晋安区教师进修学校	研修	27	班主任工作研究	350111xxxxxx1227
28	沈浩	福州市晋安区教师进修学校	研修	28	心理健康教育	350111xxxxxx1228
29	钟琪	福州市晋安区教师进修学校	研修	29	课程开发与实施	350111xxxxxx1229
30	彭宇	福州市晋安区教师进修学校	研修	30	教育科研方法	350111xxxxxx1230
31	陆晨	福州市马尾区教师进修学校	研修	31	中小学教育理论与方法研究	350105xxxxxx1231
32	范青	福州市马尾区教师进修学校	研修	32	学科教学设计	350105xxxxxx1232
33	孙悦	福州市马尾区教师进修学校	研修	33	语文教学与评价	350105xxxxxx1233
34	田野	福州市马尾区教师进修学校	研修	34	数学思维训练	350105xxxxxx1234
35	贺兰	福州市马尾区教师进修学校	研修	35	英语课堂教学	350105xxxxxx1235
36	唐振	福州市马尾区教师进修学校	研修	36	信息技术应用	350105xxxxxx1236
37	董慧	福州市马尾区教师进修学校	研修	37	班主任工作研究	350105xxxxxx1237
38	薛明	福州市马尾区教师进修学校	研修	38	心理健康教育	350105xxxxxx1238
39	任洁	福州市马尾区教师进修学校	研修	39	课程开发与实施	350105xxxxxx1239
40	姚远	福州市马尾区教师进修学校	研修	40	教育科研方法	350105xxxxxx1240
1	陈华	福州市鼓楼区教师进修学校	研修	01	中小学教育理论与方法研究	350102xxxxxx1201
2	林静	福州市鼓楼区教师进修学校	研修	02	学科教学设计	350102xxxxxx1202
3	黄敏	福州市鼓楼区教师进修学校	研修	03	语文教学与评价	350102xxxxxx1203
4	王磊	福州市鼓楼区教师进修学校	研修	04	数学思维训练	350102xxxxxx1204
5	张颖	福州市鼓楼区教师进修学校	研修	05	英语课堂教学	350102xxxxxx1205
6	刘洋	福州市鼓楼区教师进修学校	研修	06	信息技术应用	350102xxxxxx1206
7	郑芳	福州市鼓楼区教师进修学校	研修	07	班主任工作研究	350102xxxxxx1207
8	吴强	福州市鼓楼区教师进修学校	研修	08	心理健康教育	350102xxxxxx1208
9	蔡琳	福州市鼓楼区教师进修学校	研修	09	课程开发与实施	350102xxxxxx1209
10	周杰	福州市鼓楼区教师进修学校	研修	10	教育科研方法	350102xxxxxx1210
